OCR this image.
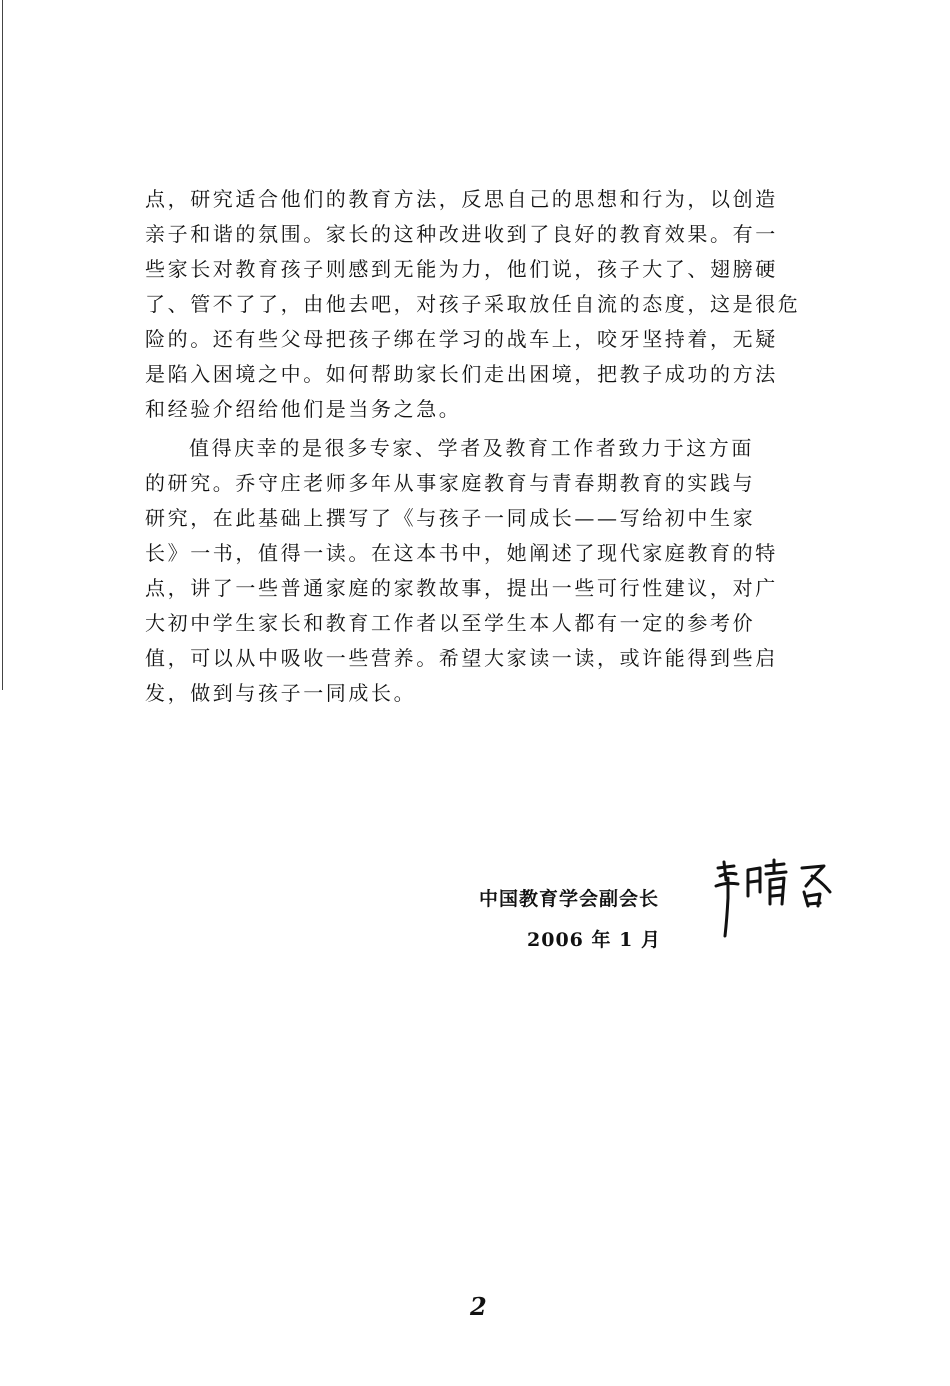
点，研究适合他们的教育方法，反思自己的思想和行为，以创造
亲子和谐的氛围。家长的这种改进收到了良好的教育效果。有一
些家长对教育孩子则感到无能为力，他们说，孩子大了、翅膀硬
了、管不了了，由他去吧，对孩子采取放任自流的态度，这是很危
险的。还有些父母把孩子绑在学习的战车上，咬牙坚持着，无疑
是陷入困境之中。如何帮助家长们走出困境，把教子成功的方法
和经验介绍给他们是当务之急。
值得庆幸的是很多专家、学者及教育工作者致力于这方面
的研究。乔守庄老师多年从事家庭教育与青春期教育的实践与
研究，在此基础上撰写了《与孩子一同成长——写给初中生家
长》一书，值得一读。在这本书中，她阐述了现代家庭教育的特
点，讲了一些普通家庭的家教故事，提出一些可行性建议，对广
大初中学生家长和教育工作者以至学生本人都有一定的参考价
值，可以从中吸收一些营养。希望大家读一读，或许能得到些启
发，做到与孩子一同成长。
中国教育学会副会长
2006 年 1 月
2
